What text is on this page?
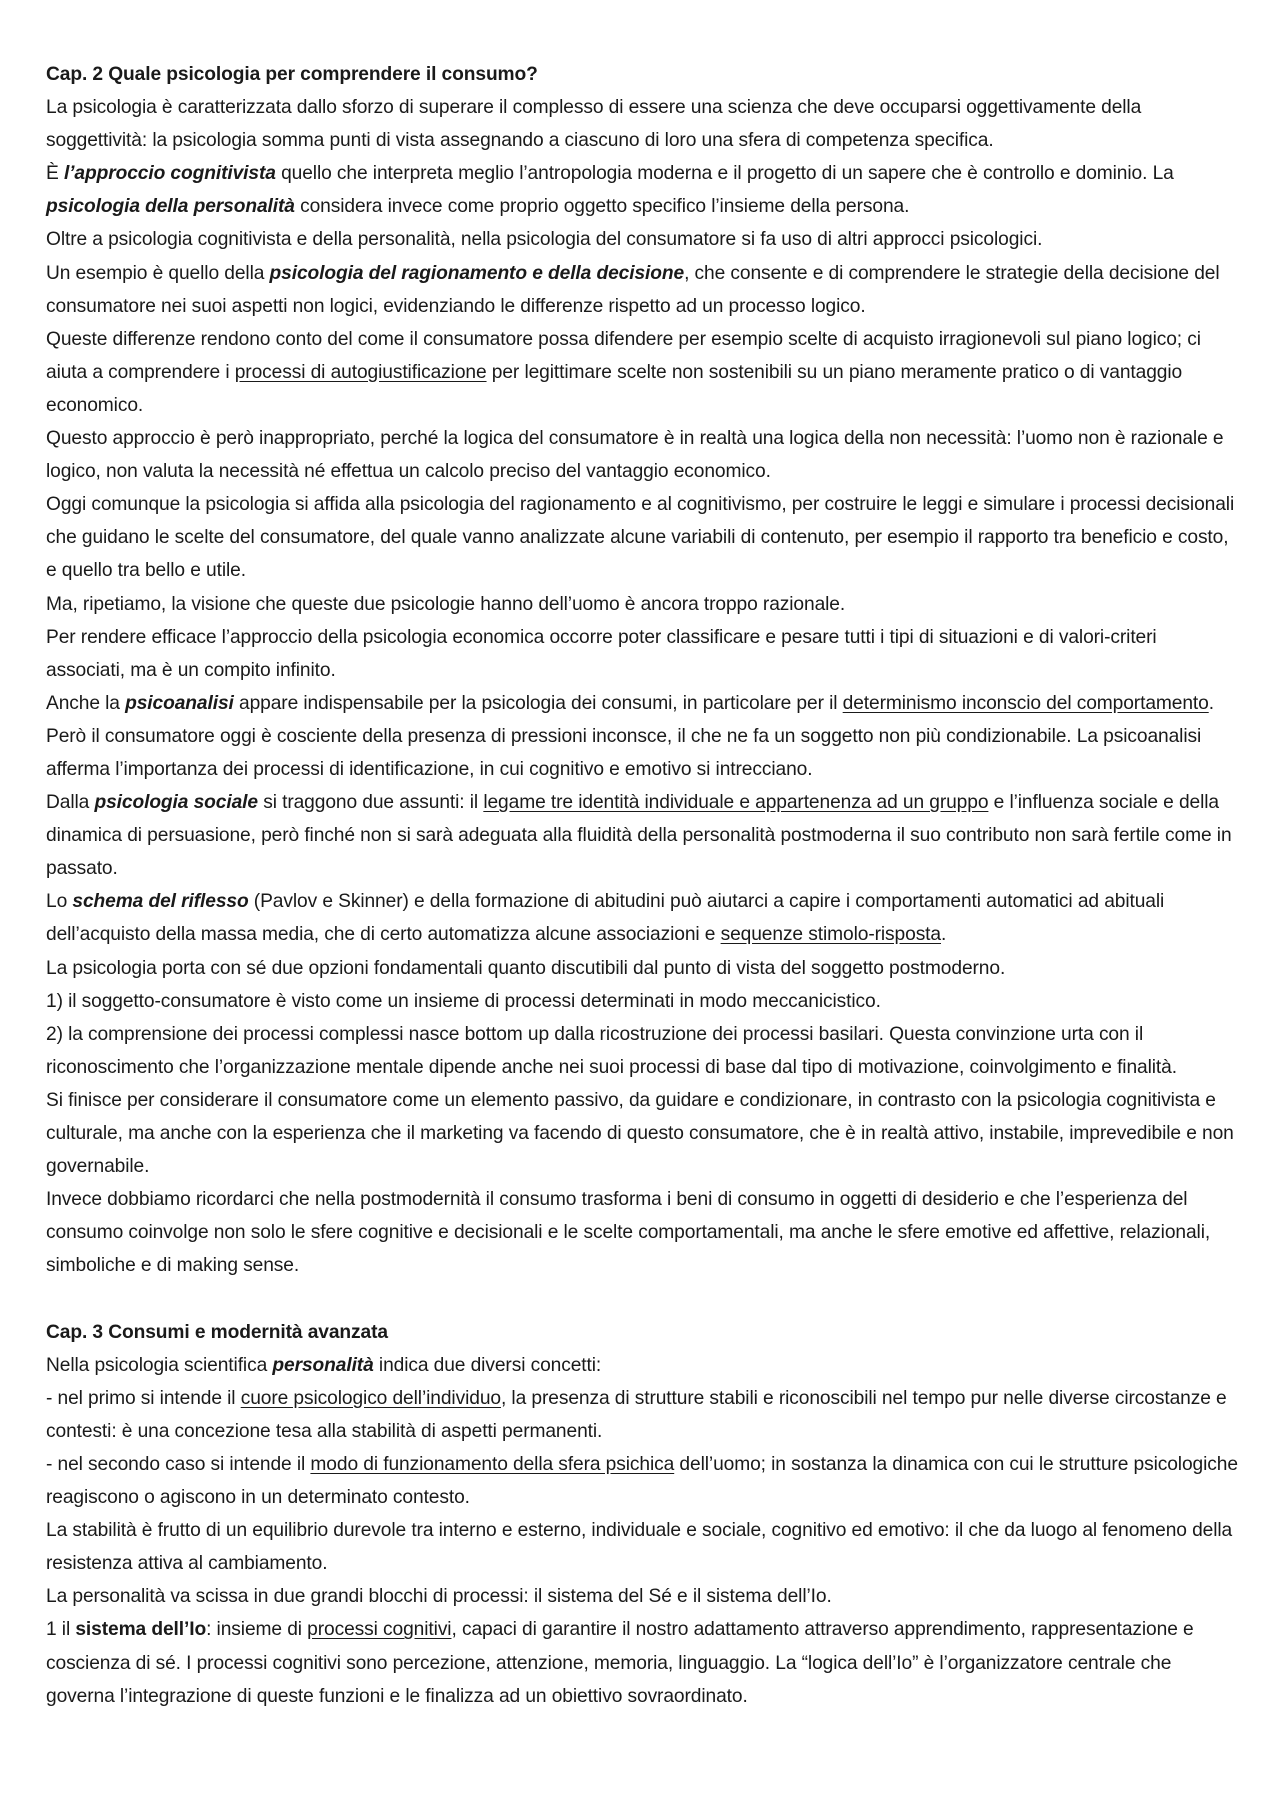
Cap. 2 Quale psicologia per comprendere il consumo?

La psicologia è caratterizzata dallo sforzo di superare il complesso di essere una scienza che deve occuparsi oggettivamente della soggettività: la psicologia somma punti di vista assegnando a ciascuno di loro una sfera di competenza specifica.

È l’approccio cognitivista quello che interpreta meglio l’antropologia moderna e il progetto di un sapere che è controllo e dominio. La psicologia della personalità considera invece come proprio oggetto specifico l’insieme della persona.

Oltre a psicologia cognitivista e della personalità, nella psicologia del consumatore si fa uso di altri approcci psicologici.

Un esempio è quello della psicologia del ragionamento e della decisione, che consente e di comprendere le strategie della decisione del consumatore nei suoi aspetti non logici, evidenziando le differenze rispetto ad un processo logico.

Queste differenze rendono conto del come il consumatore possa difendere per esempio scelte di acquisto irragionevoli sul piano logico; ci aiuta a comprendere i processi di autogiustificazione per legittimare scelte non sostenibili su un piano meramente pratico o di vantaggio economico.

Questo approccio è però inappropriato, perché la logica del consumatore è in realtà una logica della non necessità: l’uomo non è razionale e logico, non valuta la necessità né effettua un calcolo preciso del vantaggio economico.

Oggi comunque la psicologia si affida alla psicologia del ragionamento e al cognitivismo, per costruire le leggi e simulare i processi decisionali che guidano le scelte del consumatore, del quale vanno analizzate alcune variabili di contenuto, per esempio il rapporto tra beneficio e costo, e quello tra bello e utile.

Ma, ripetiamo, la visione che queste due psicologie hanno dell’uomo è ancora troppo razionale.

Per rendere efficace l’approccio della psicologia economica occorre poter classificare e pesare tutti i tipi di situazioni e di valori-criteri associati, ma è un compito infinito.

Anche la psicoanalisi appare indispensabile per la psicologia dei consumi, in particolare per il determinismo inconscio del comportamento. Però il consumatore oggi è cosciente della presenza di pressioni inconsce, il che ne fa un soggetto non più condizionabile. La psicoanalisi afferma l’importanza dei processi di identificazione, in cui cognitivo e emotivo si intrecciano.

Dalla psicologia sociale si traggono due assunti: il legame tre identità individuale e appartenenza ad un gruppo e l’influenza sociale e della dinamica di persuasione, però finché non si sarà adeguata alla fluidità della personalità postmoderna il suo contributo non sarà fertile come in passato.

Lo schema del riflesso (Pavlov e Skinner) e della formazione di abitudini può aiutarci a capire i comportamenti automatici ad abituali dell’acquisto della massa media, che di certo automatizza alcune associazioni e sequenze stimolo-risposta.

La psicologia porta con sé due opzioni fondamentali quanto discutibili dal punto di vista del soggetto postmoderno.

1) il soggetto-consumatore è visto come un insieme di processi determinati in modo meccanicistico.

2) la comprensione dei processi complessi nasce bottom up dalla ricostruzione dei processi basilari. Questa convinzione urta con il riconoscimento che l’organizzazione mentale dipende anche nei suoi processi di base dal tipo di motivazione, coinvolgimento e finalità.

Si finisce per considerare il consumatore come un elemento passivo, da guidare e condizionare, in contrasto con la psicologia cognitivista e culturale, ma anche con la esperienza che il marketing va facendo di questo consumatore, che è in realtà attivo, instabile, imprevedibile e non governabile.

Invece dobbiamo ricordarci che nella postmodernità il consumo trasforma i beni di consumo in oggetti di desiderio e che l’esperienza del consumo coinvolge non solo le sfere cognitive e decisionali e le scelte comportamentali, ma anche le sfere emotive ed affettive, relazionali, simboliche e di making sense.

Cap. 3 Consumi e modernità avanzata

Nella psicologia scientifica personalità indica due diversi concetti:

- nel primo si intende il cuore psicologico dell’individuo, la presenza di strutture stabili e riconoscibili nel tempo pur nelle diverse circostanze e contesti: è una concezione tesa alla stabilità di aspetti permanenti.

- nel secondo caso si intende il modo di funzionamento della sfera psichica dell’uomo; in sostanza la dinamica con cui le strutture psicologiche reagiscono o agiscono in un determinato contesto.

La stabilità è frutto di un equilibrio durevole tra interno e esterno, individuale e sociale, cognitivo ed emotivo: il che da luogo al fenomeno della resistenza attiva al cambiamento.

La personalità va scissa in due grandi blocchi di processi: il sistema del Sé e il sistema dell’Io.

1 il sistema dell’Io: insieme di processi cognitivi, capaci di garantire il nostro adattamento attraverso apprendimento, rappresentazione e coscienza di sé. I processi cognitivi sono percezione, attenzione, memoria, linguaggio. La “logica dell’Io” è l’organizzatore centrale che governa l’integrazione di queste funzioni e le finalizza ad un obiettivo sovraordinato.
